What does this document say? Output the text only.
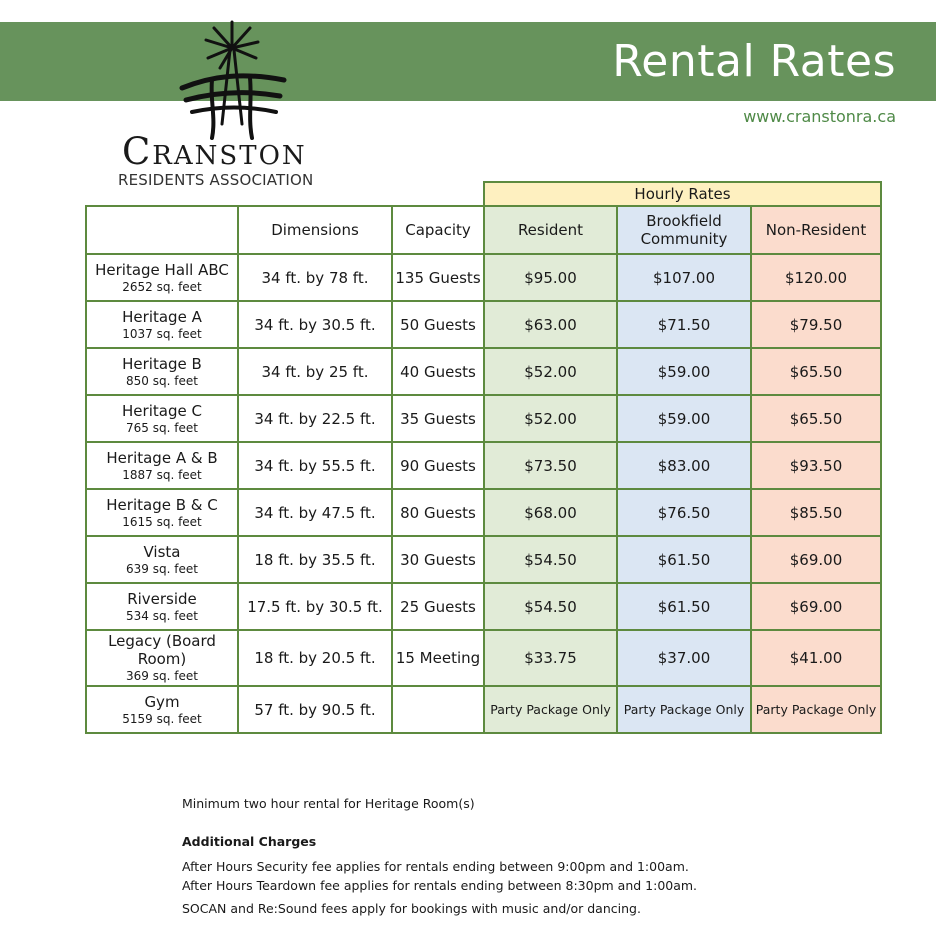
Rental Rates
www.cranstonra.ca
Cranston
RESIDENTS ASSOCIATION
			Hourly Rates		
	Dimensions	Capacity	Resident	Brookfield Community	Non-Resident

Heritage Hall ABC
2652 sq. feet	34 ft. by 78 ft.	135 Guests	$95.00	$107.00	$120.00

Heritage A
1037 sq. feet	34 ft. by 30.5 ft.	50 Guests	$63.00	$71.50	$79.50

Heritage B
850 sq. feet	34 ft. by 25 ft.	40 Guests	$52.00	$59.00	$65.50

Heritage C
765 sq. feet	34 ft. by 22.5 ft.	35 Guests	$52.00	$59.00	$65.50

Heritage A & B
1887 sq. feet	34 ft. by 55.5 ft.	90 Guests	$73.50	$83.00	$93.50

Heritage B & C
1615 sq. feet	34 ft. by 47.5 ft.	80 Guests	$68.00	$76.50	$85.50

Vista
639 sq. feet	18 ft. by 35.5 ft.	30 Guests	$54.50	$61.50	$69.00

Riverside
534 sq. feet	17.5 ft. by 30.5 ft.	25 Guests	$54.50	$61.50	$69.00

Legacy (Board Room)
369 sq. feet	18 ft. by 20.5 ft.	15 Meeting	$33.75	$37.00	$41.00

Gym
5159 sq. feet	57 ft. by 90.5 ft.		Party Package Only	Party Package Only	Party Package Only
Minimum two hour rental for Heritage Room(s)
Additional Charges
After Hours Security fee applies for rentals ending between 9:00pm and 1:00am.
After Hours Teardown fee applies for rentals ending between 8:30pm and 1:00am.
SOCAN and Re:Sound fees apply for bookings with music and/or dancing.
